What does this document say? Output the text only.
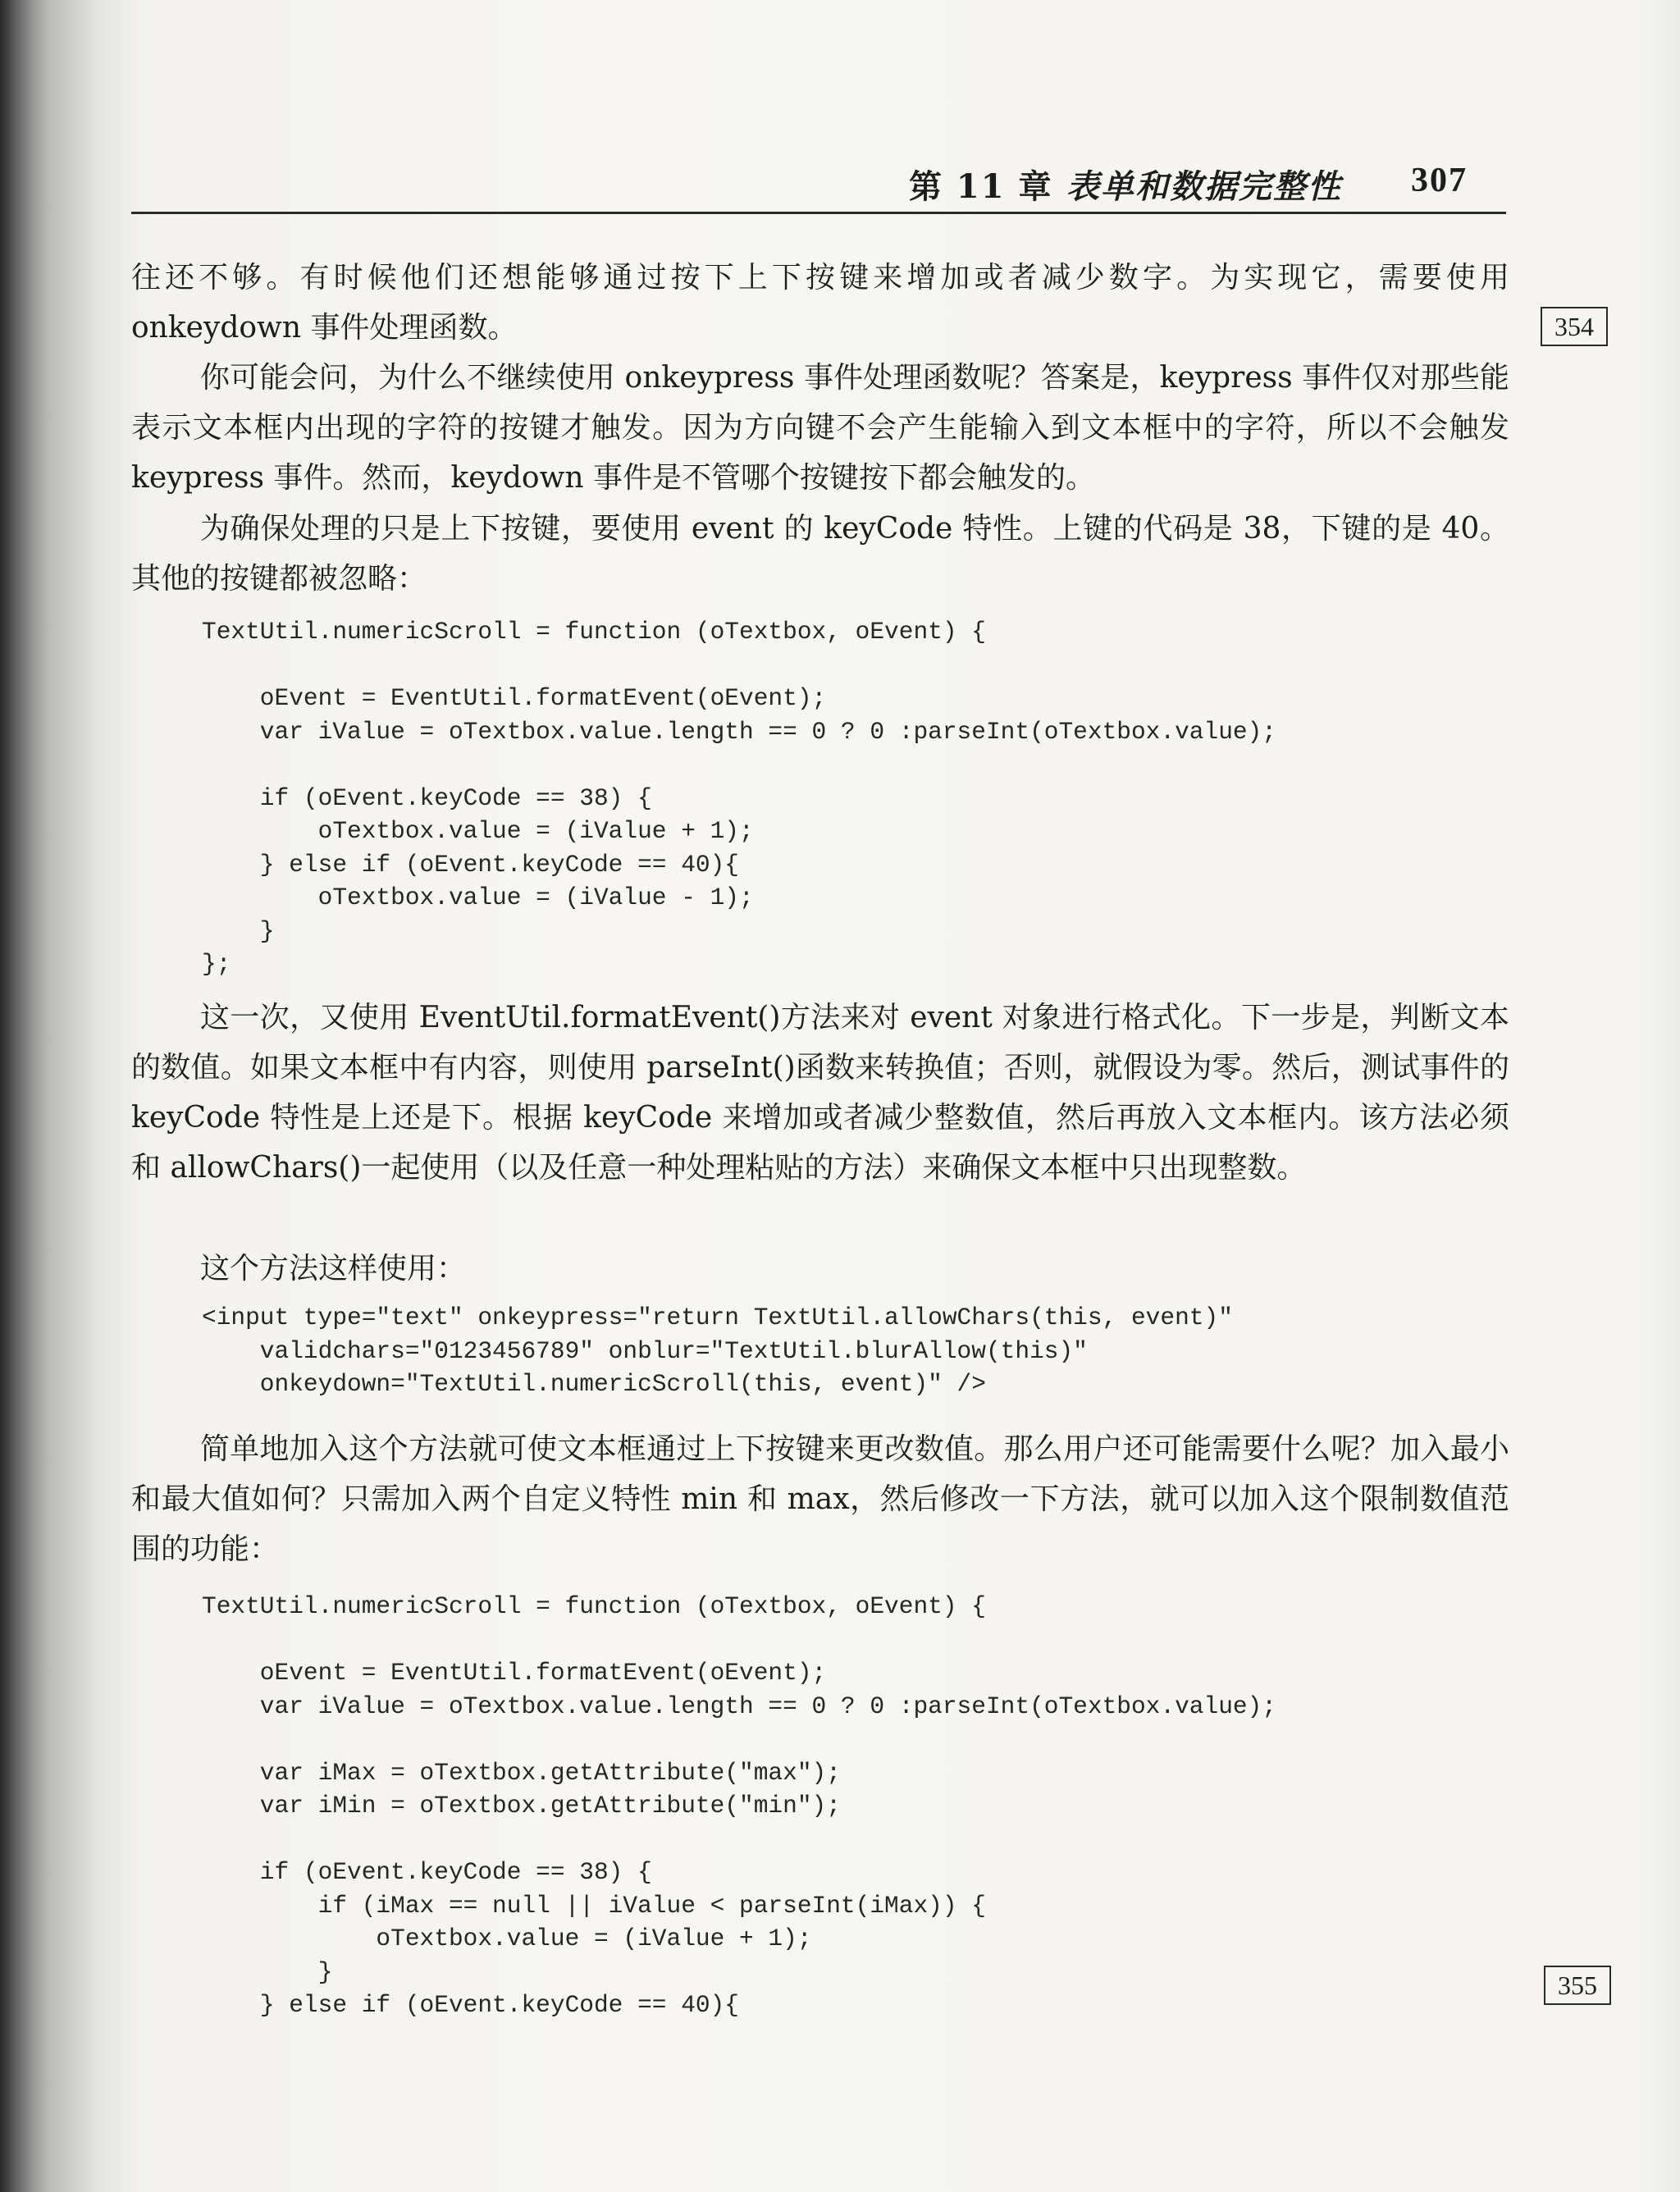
第 11 章 表单和数据完整性 307

往还不够。有时候他们还想能够通过按下上下按键来增加或者减少数字。为实现它，需要使用 onkeydown 事件处理函数。	354

你可能会问，为什么不继续使用 onkeypress 事件处理函数呢？答案是，keypress 事件仅对那些能表示文本框内出现的字符的按键才触发。因为方向键不会产生能输入到文本框中的字符，所以不会触发 keypress 事件。然而，keydown 事件是不管哪个按键按下都会触发的。

为确保处理的只是上下按键，要使用 event 的 keyCode 特性。上键的代码是 38，下键的是 40。其他的按键都被忽略：

TextUtil.numericScroll = function (oTextbox, oEvent) {

oEvent = EventUtil.formatEvent(oEvent);
var iValue = oTextbox.value.length == 0 ? 0 :parseInt(oTextbox.value);

if (oEvent.keyCode == 38) {
oTextbox.value = (iValue + 1);
} else if (oEvent.keyCode == 40){
oTextbox.value = (iValue - 1);
}
};

这一次，又使用 EventUtil.formatEvent()方法来对 event 对象进行格式化。下一步是，判断文本的数值。如果文本框中有内容，则使用 parseInt()函数来转换值；否则，就假设为零。然后，测试事件的 keyCode 特性是上还是下。根据 keyCode 来增加或者减少整数值，然后再放入文本框内。该方法必须和 allowChars()一起使用（以及任意一种处理粘贴的方法）来确保文本框中只出现整数。

这个方法这样使用：

<input type="text" onkeypress="return TextUtil.allowChars(this, event)"
validchars="0123456789" onblur="TextUtil.blurAllow(this)"
onkeydown="TextUtil.numericScroll(this, event)" />

简单地加入这个方法就可使文本框通过上下按键来更改数值。那么用户还可能需要什么呢？加入最小和最大值如何？只需加入两个自定义特性 min 和 max，然后修改一下方法，就可以加入这个限制数值范围的功能：

TextUtil.numericScroll = function (oTextbox, oEvent) {

oEvent = EventUtil.formatEvent(oEvent);
var iValue = oTextbox.value.length == 0 ? 0 :parseInt(oTextbox.value);

var iMax = oTextbox.getAttribute("max");
var iMin = oTextbox.getAttribute("min");

if (oEvent.keyCode == 38) {
if (iMax == null || iValue < parseInt(iMax)) {
oTextbox.value = (iValue + 1);
}
} else if (oEvent.keyCode == 40){
355
